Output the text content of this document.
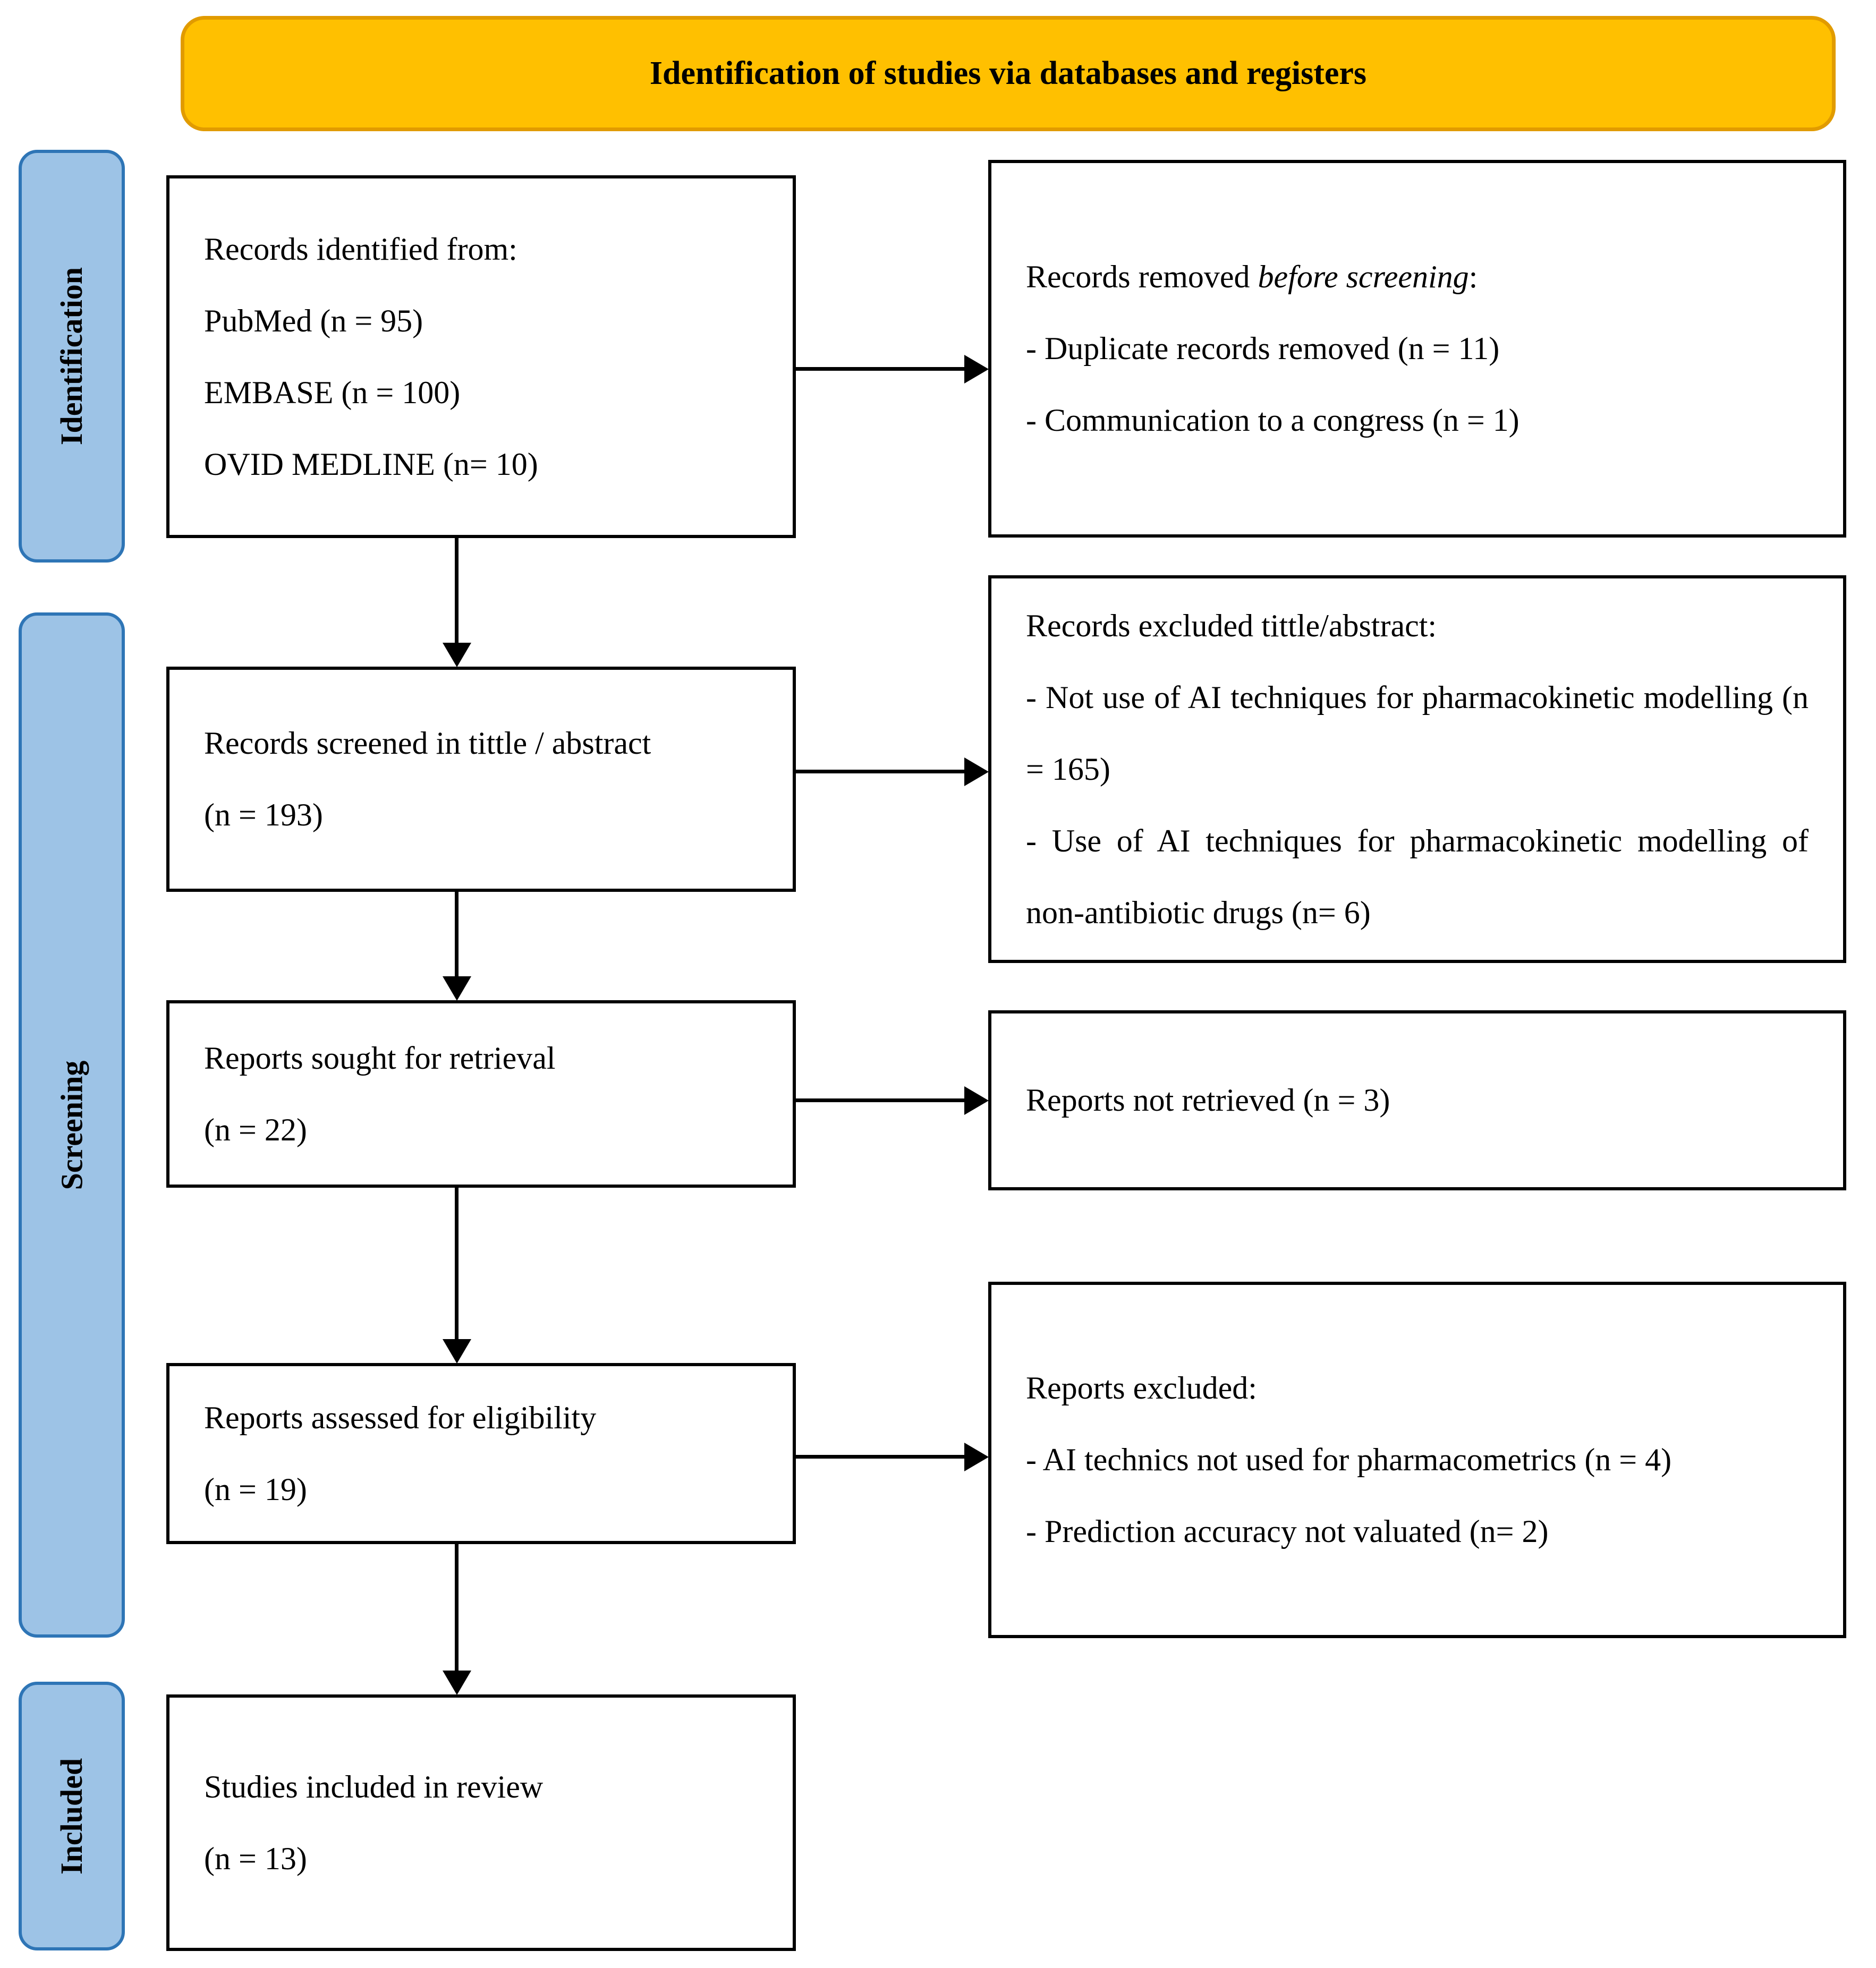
Identification of studies via databases and registers
Identification
Screening
Included

Records identified from:

PubMed (n = 95)

EMBASE (n = 100)

OVID MEDLINE (n= 10)

Records screened in tittle / abstract

(n = 193)

Reports sought for retrieval

(n = 22)

Reports assessed for eligibility

(n = 19)

Studies included in review

(n = 13)

Records removed before screening:

- Duplicate records removed (n = 11)

- Communication to a congress (n = 1)

Records excluded tittle/abstract:

- Not use of AI techniques for pharmacokinetic modelling (n = 165)

- Use of AI techniques for pharmacokinetic modelling of non-antibiotic drugs (n= 6)

Reports not retrieved (n = 3)

Reports excluded:

- AI technics not used for pharmacometrics (n = 4)

- Prediction accuracy not valuated (n= 2)
